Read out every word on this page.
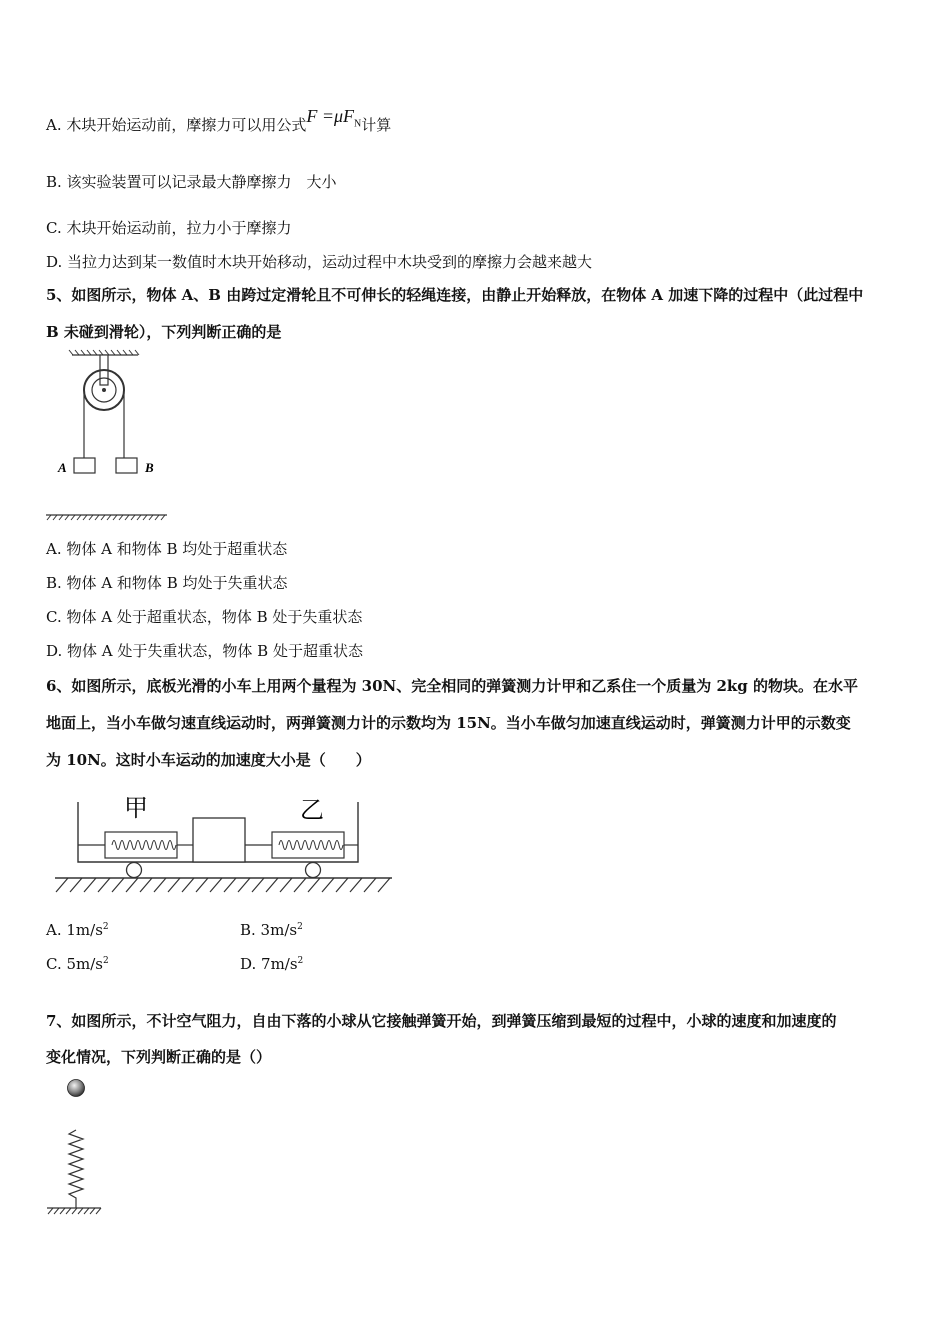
A. 木块开始运动前，摩擦力可以用公式$F =\mu F_N$计算
B. 该实验装置可以记录最大静摩擦力　大小
C. 木块开始运动前，拉力小于摩擦力
D. 当拉力达到某一数值时木块开始移动，运动过程中木块受到的摩擦力会越来越大
5、如图所示，物体 A、B 由跨过定滑轮且不可伸长的轻绳连接，由静止开始释放，在物体 A 加速下降的过程中（此过程中
B 未碰到滑轮），下列判断正确的是
A	B
A. 物体 A 和物体 B 均处于超重状态
B. 物体 A 和物体 B 均处于失重状态
C. 物体 A 处于超重状态，物体 B 处于失重状态
D. 物体 A 处于失重状态，物体 B 处于超重状态
6、如图所示，底板光滑的小车上用两个量程为 30N、完全相同的弹簧测力计甲和乙系住一个质量为 2kg 的物块。在水平
地面上，当小车做匀速直线运动时，两弹簧测力计的示数均为 15N。当小车做匀加速直线运动时，弹簧测力计甲的示数变
为 10N。这时小车运动的加速度大小是（　　）
甲	乙
A. $1m/s^2$	B. $3m/s^2$
C. $5m/s^2$	D. $7m/s^2$
7、如图所示，不计空气阻力，自由下落的小球从它接触弹簧开始，到弹簧压缩到最短的过程中，小球的速度和加速度的
变化情况，下列判断正确的是（）
